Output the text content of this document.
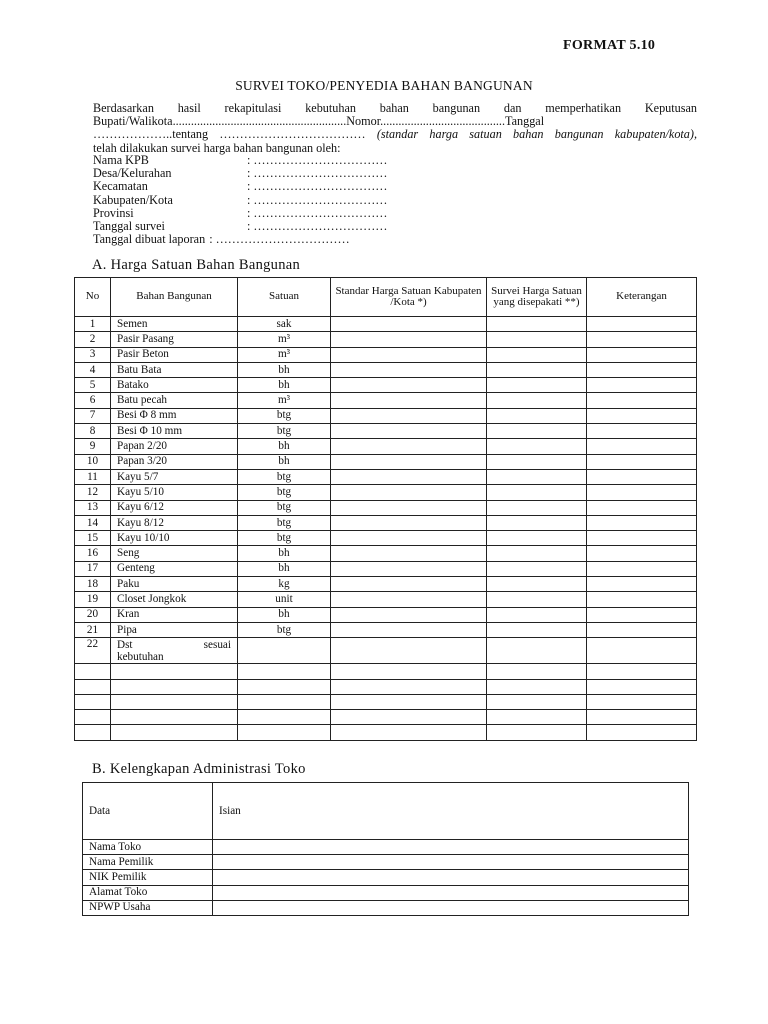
FORMAT 5.10
SURVEI TOKO/PENYEDIA BAHAN BANGUNAN
Berdasarkan hasil rekapitulasi kebutuhan bahan bangunan dan memperhatikan Keputusan
Bupati/Walikota.........................................................Nomor.........................................Tanggal
………………..tentang ……………………………… (standar harga satuan bahan bangunan kabupaten/kota),
telah dilakukan survei harga bahan bangunan oleh:
Nama KPB	: ……………………………
Desa/Kelurahan	: ……………………………
Kecamatan	: ……………………………
Kabupaten/Kota	: ……………………………
Provinsi	: ……………………………
Tanggal survei	: ……………………………
Tanggal dibuat laporan : ……………………………
A. Harga Satuan Bahan Bangunan
No	Bahan Bangunan	Satuan	Standar Harga Satuan Kabupaten /Kota *)	Survei Harga Satuan yang disepakati **)	Keterangan
1	Semen	sak			
2	Pasir Pasang	m³			
3	Pasir Beton	m³			
4	Batu Bata	bh			
5	Batako	bh			
6	Batu pecah	m³			
7	Besi Φ 8 mm	btg			
8	Besi Φ 10 mm	btg			
9	Papan 2/20	bh			
10	Papan 3/20	bh			
11	Kayu 5/7	btg			
12	Kayu 5/10	btg			
13	Kayu 6/12	btg			
14	Kayu 8/12	btg			
15	Kayu 10/10	btg			
16	Seng	bh			
17	Genteng	bh			
18	Paku	kg			
19	Closet Jongkok	unit			
20	Kran	bh			
21	Pipa	btg			
22	Dst sesuai
kebutuhan				

B. Kelengkapan Administrasi Toko
Data	Isian
Nama Toko	
Nama Pemilik	
NIK Pemilik	
Alamat Toko	
NPWP Usaha	
